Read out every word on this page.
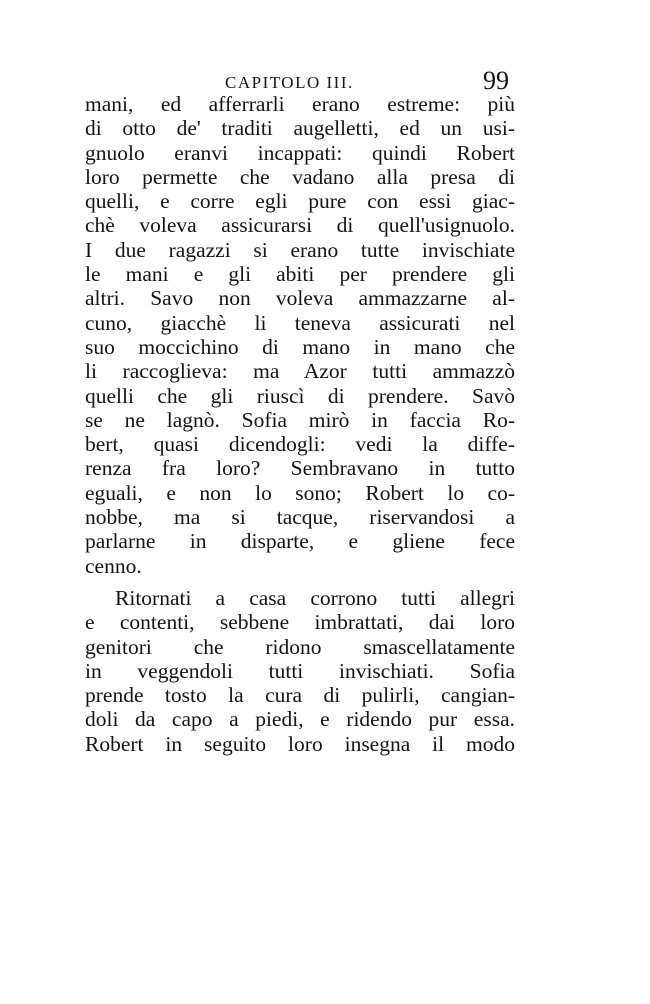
CAPITOLO III.	99
mani, ed afferrarli erano estreme: più
di otto de' traditi augelletti, ed un usi-
gnuolo eranvi incappati: quindi Robert
loro permette che vadano alla presa di
quelli, e corre egli pure con essi giac-
chè voleva assicurarsi di quell'usignuolo.
I due ragazzi si erano tutte invischiate
le mani e gli abiti per prendere gli
altri. Savo non voleva ammazzarne al-
cuno, giacchè li teneva assicurati nel
suo moccichino di mano in mano che
li raccoglieva: ma Azor tutti ammazzò
quelli che gli riuscì di prendere. Savò
se ne lagnò. Sofia mirò in faccia Ro-
bert, quasi dicendogli: vedi la diffe-
renza fra loro? Sembravano in tutto
eguali, e non lo sono; Robert lo co-
nobbe, ma si tacque, riservandosi a
parlarne in disparte, e gliene fece
cenno.
Ritornati a casa corrono tutti allegri
e contenti, sebbene imbrattati, dai loro
genitori che ridono smascellatamente
in veggendoli tutti invischiati. Sofia
prende tosto la cura di pulirli, cangian-
doli da capo a piedi, e ridendo pur essa.
Robert in seguito loro insegna il modo
